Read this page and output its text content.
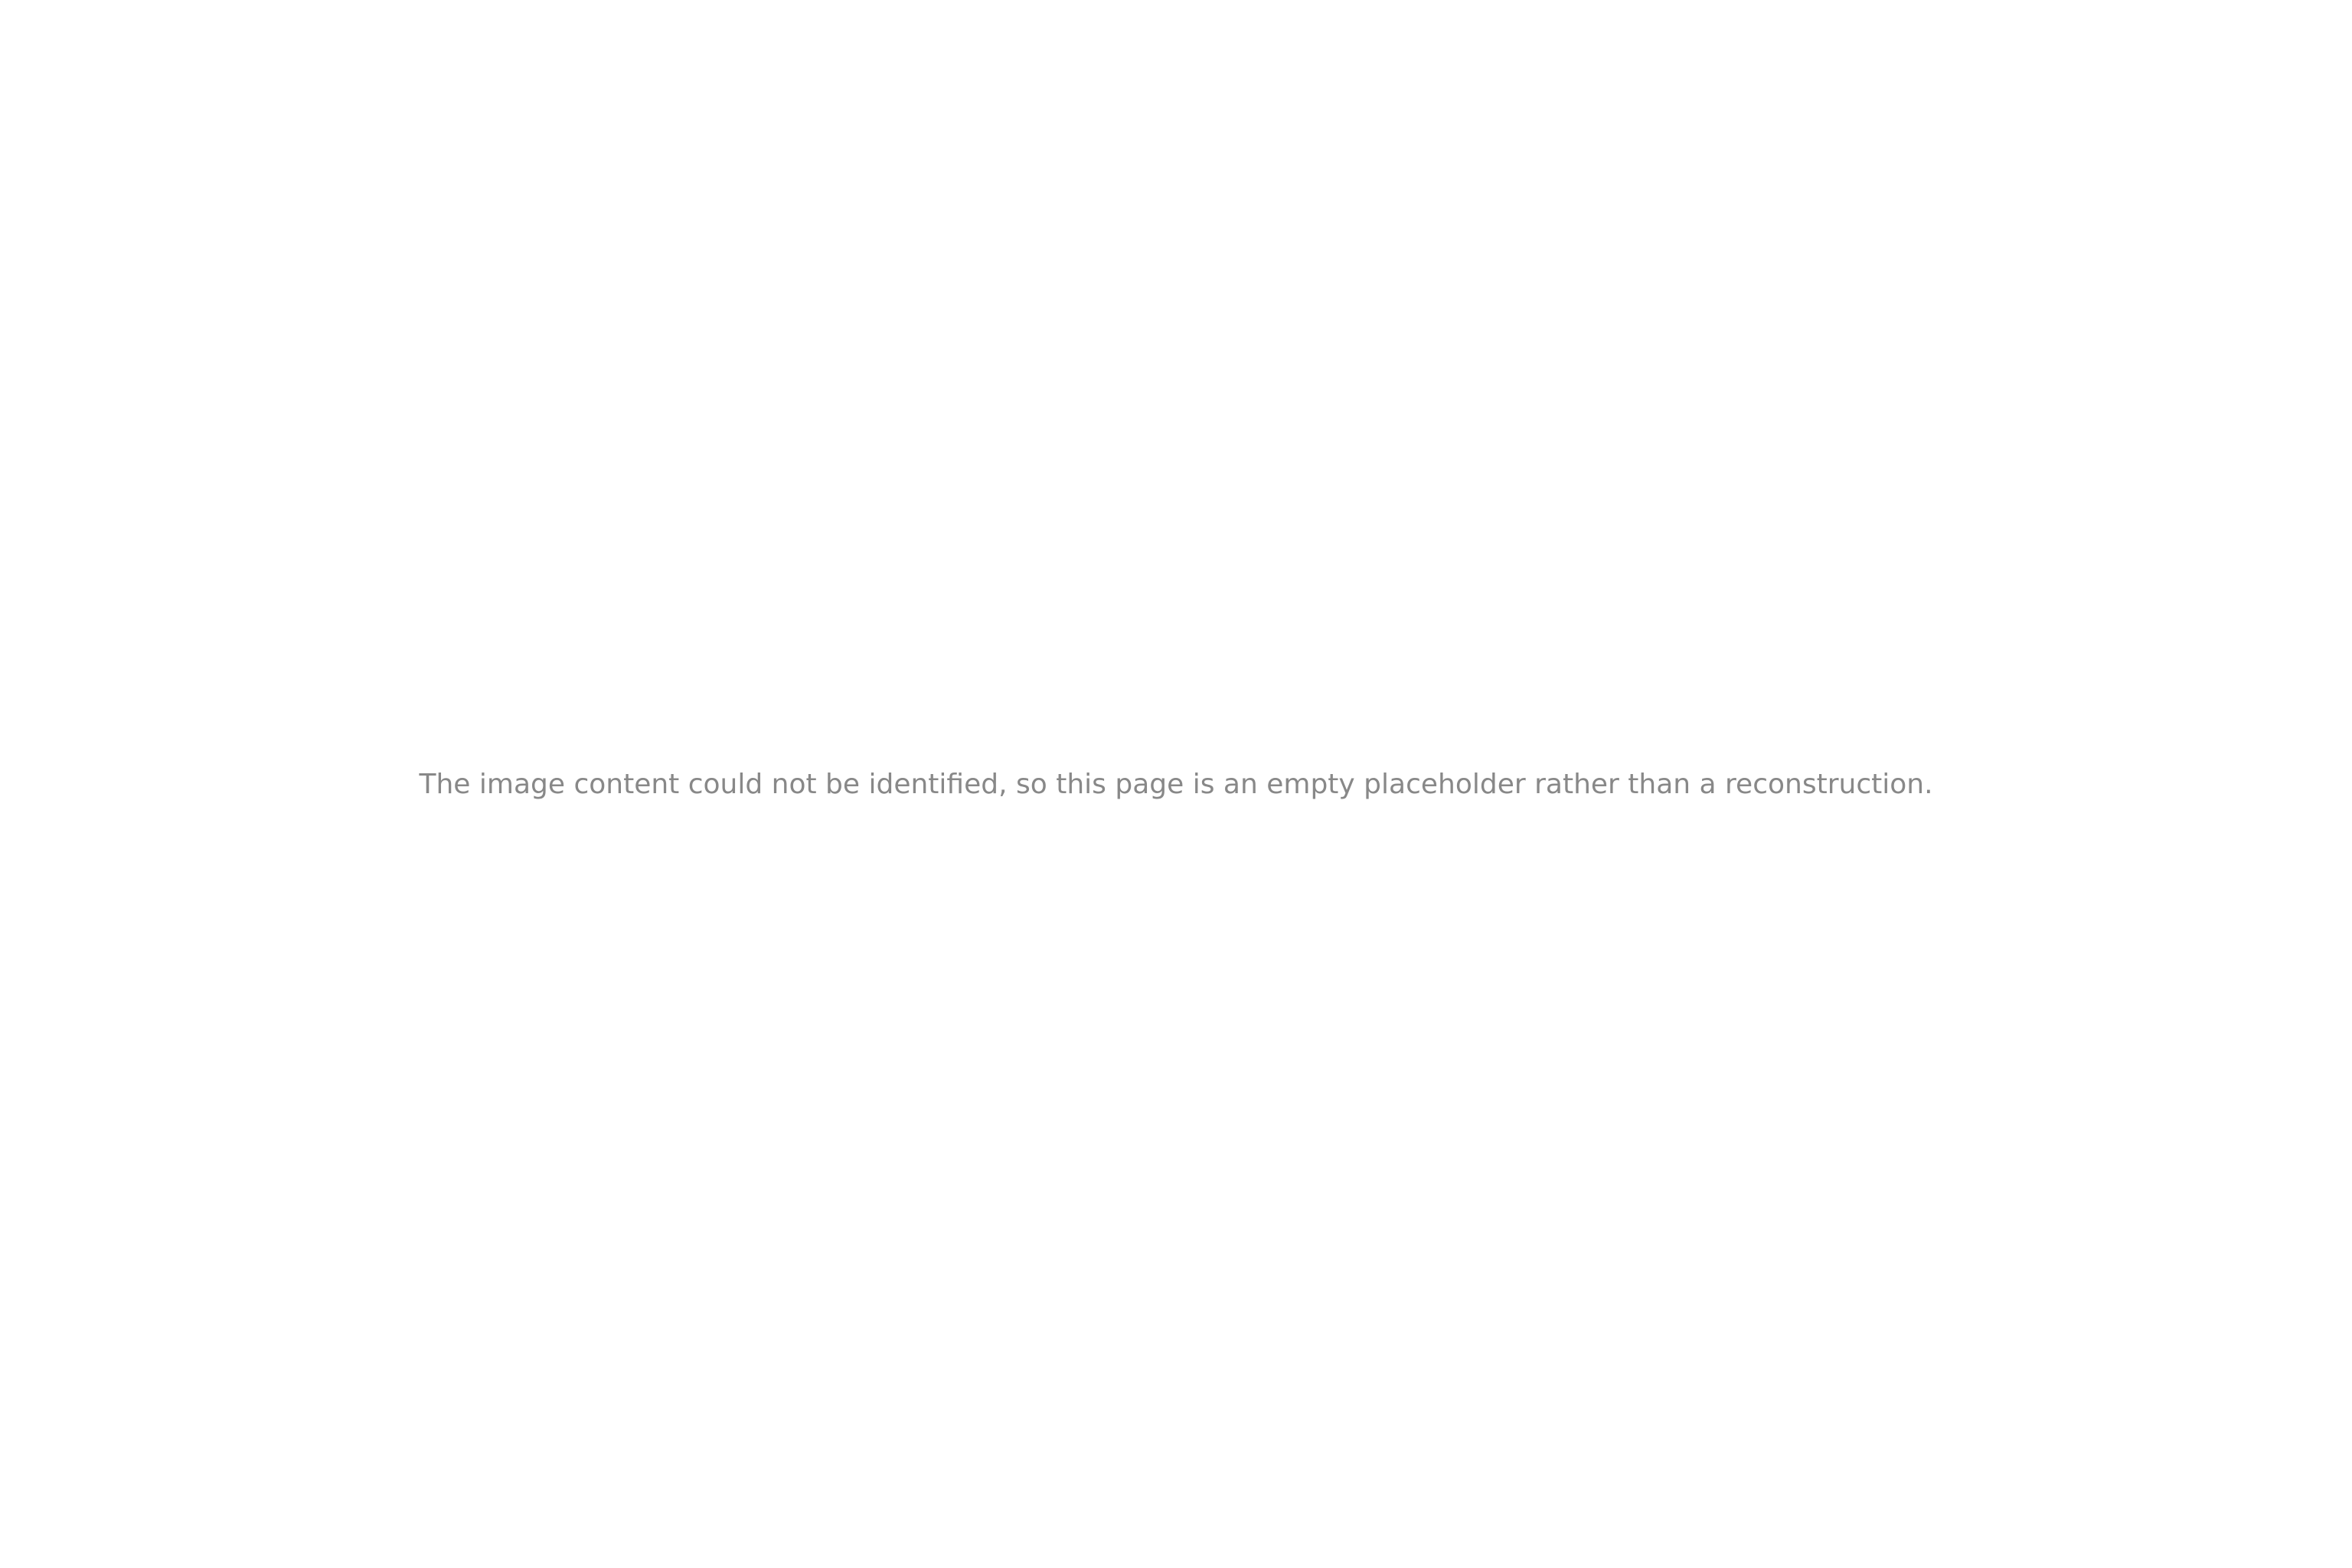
The image content could not be identified, so this page is an empty placeholder rather than a reconstruction.
